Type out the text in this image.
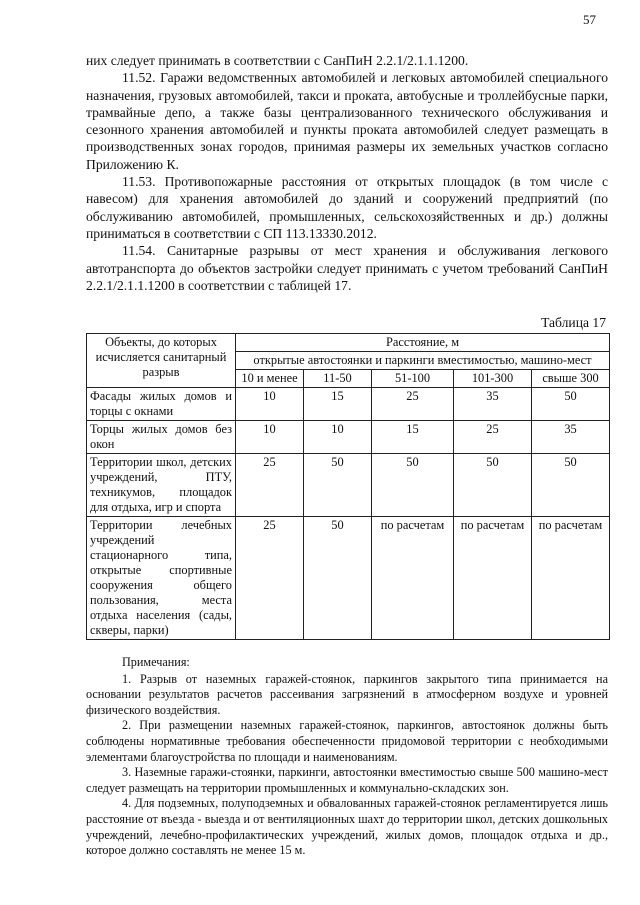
57

них следует принимать в соответствии с СанПиН 2.2.1/2.1.1.1200.

11.52. Гаражи ведомственных автомобилей и легковых автомобилей специального назначения, грузовых автомобилей, такси и проката, автобусные и троллейбусные парки, трамвайные депо, а также базы централизованного технического обслуживания и сезонного хранения автомобилей и пункты проката автомобилей следует размещать в производственных зонах городов, принимая размеры их земельных участков согласно Приложению К.

11.53. Противопожарные расстояния от открытых площадок (в том числе с навесом) для хранения автомобилей до зданий и сооружений предприятий (по обслуживанию автомобилей, промышленных, сельскохозяйственных и др.) должны приниматься в соответствии с СП 113.13330.2012.

11.54. Санитарные разрывы от мест хранения и обслуживания легкового автотранспорта до объектов застройки следует принимать с учетом требований СанПиН 2.2.1/2.1.1.1200 в соответствии с таблицей 17.

Таблица 17
Объекты, до которых исчисляется санитарный разрыв	Расстояние, м				
	открытые автостоянки и паркинги вместимостью, машино-мест				
	10 и менее	11-50	51-100	101-300	свыше 300
Фасады жилых домов и торцы с окнами	10	15	25	35	50
Торцы жилых домов без окон	10	10	15	25	35
Территории школ, детских учреждений, ПТУ, техникумов, площадок для отдыха, игр и спорта	25	50	50	50	50
Территории лечебных учреждений стационарного типа, открытые спортивные сооружения общего пользования, места отдыха населения (сады, скверы, парки)	25	50	по расчетам	по расчетам	по расчетам

Примечания:

1. Разрыв от наземных гаражей-стоянок, паркингов закрытого типа принимается на основании результатов расчетов рассеивания загрязнений в атмосферном воздухе и уровней физического воздействия.

2. При размещении наземных гаражей-стоянок, паркингов, автостоянок должны быть соблюдены нормативные требования обеспеченности придомовой территории с необходимыми элементами благоустройства по площади и наименованиям.

3. Наземные гаражи-стоянки, паркинги, автостоянки вместимостью свыше 500 машино-мест следует размещать на территории промышленных и коммунально-складских зон.

4. Для подземных, полуподземных и обвалованных гаражей-стоянок регламентируется лишь расстояние от въезда - выезда и от вентиляционных шахт до территории школ, детских дошкольных учреждений, лечебно-профилактических учреждений, жилых домов, площадок отдыха и др., которое должно составлять не менее 15 м.
